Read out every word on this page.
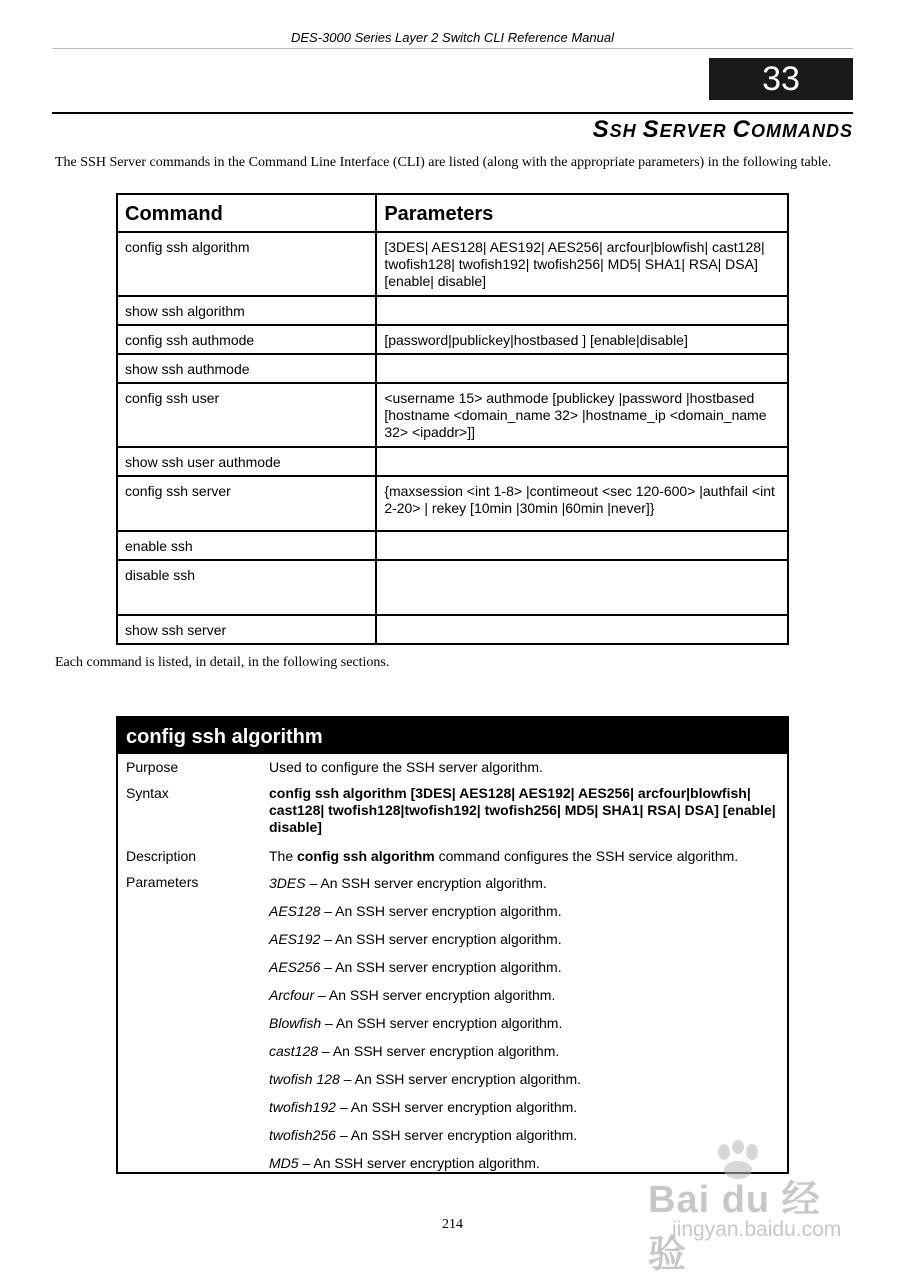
DES-3000 Series Layer 2 Switch CLI Reference Manual
33
SSH SERVER COMMANDS
The SSH Server commands in the Command Line Interface (CLI) are listed (along with the appropriate parameters) in the following table.
Command	Parameters
config ssh algorithm	[3DES| AES128| AES192| AES256| arcfour|blowfish| cast128| twofish128| twofish192| twofish256| MD5| SHA1| RSA| DSA] [enable| disable]
show ssh algorithm	
config ssh authmode	[password|publickey|hostbased ] [enable|disable]
show ssh authmode	
config ssh user	<username 15> authmode [publickey |password |hostbased [hostname <domain_name 32> |hostname_ip <domain_name 32> <ipaddr>]]
show ssh user authmode	
config ssh server	{maxsession <int 1-8> |contimeout <sec 120-600> |authfail <int 2-20> | rekey [10min |30min |60min |never]}
enable ssh	
disable ssh	
show ssh server	
Each command is listed, in detail, in the following sections.
config ssh algorithm
Purpose	Used to configure the SSH server algorithm.
Syntax	config ssh algorithm [3DES| AES128| AES192| AES256| arcfour|blowfish| cast128| twofish128|twofish192| twofish256| MD5| SHA1| RSA| DSA] [enable| disable]
Description	The config ssh algorithm command configures the SSH service algorithm.
Parameters	3DES – An SSH server encryption algorithm.
AES128 – An SSH server encryption algorithm.
AES192 – An SSH server encryption algorithm.
AES256 – An SSH server encryption algorithm.
Arcfour – An SSH server encryption algorithm.
Blowfish – An SSH server encryption algorithm.
cast128 – An SSH server encryption algorithm.
twofish 128 – An SSH server encryption algorithm.
twofish192 – An SSH server encryption algorithm.
twofish256 – An SSH server encryption algorithm.
MD5 – An SSH server encryption algorithm.
214
Bai du 经验
jingyan.baidu.com
